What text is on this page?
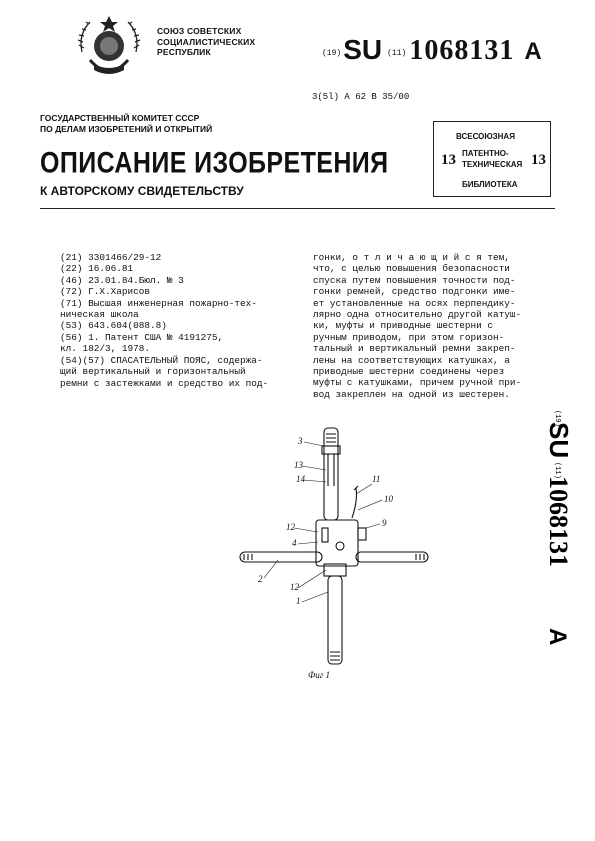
СОЮЗ СОВЕТСКИХ
СОЦИАЛИСТИЧЕСКИХ
РЕСПУБЛИК	$^{(19)}$SU $^{(11)}$ 1068131 A
3(5l) A 62 B 35/00
ГОСУДАРСТВЕННЫЙ КОМИТЕТ СССР
ПО ДЕЛАМ ИЗОБРЕТЕНИЙ И ОТКРЫТИЙ
ОПИСАНИЕ ИЗОБРЕТЕНИЯ
К АВТОРСКОМУ СВИДЕТЕЛЬСТВУ
ВСЕСОЮЗНАЯ
13 ПАТЕНТНО-
ТЕХНИЧЕСКАЯ 13
БИБЛИОТЕКА
(21) 3301466/29-12
(22) 16.06.81
(46) 23.01.84.Бюл. № 3
(72) Г.Х.Харисов
(71) Высшая инженерная пожарно-тех-
ническая школа
(53) 643.604(088.8)
(56) 1. Патент США № 4191275,
кл. 182/3, 1978.
(54)(57) СПАСАТЕЛЬНЫЙ ПОЯС, содержа-
щий вертикальный и горизонтальный
ремни с застежками и средство их под-
гонки, о т л и ч а ю щ и й с я тем,
что, с целью повышения безопасности
спуска путем повышения точности под-
гонки ремней, средство подгонки име-
ет установленные на осях перпендику-
лярно одна относительно другой катуш-
ки, муфты и приводные шестерни с
ручным приводом, при этом горизон-
тальный и вертикальный ремни закреп-
лены на соответствующих катушках, а
приводные шестерни соединены через
муфты с катушками, причем ручной при-
вод закреплен на одной из шестерен.
(19)
SU
(11)
1068131
A
3
13
14	11
10
9
12
4
12
2
1
Фиг 1
